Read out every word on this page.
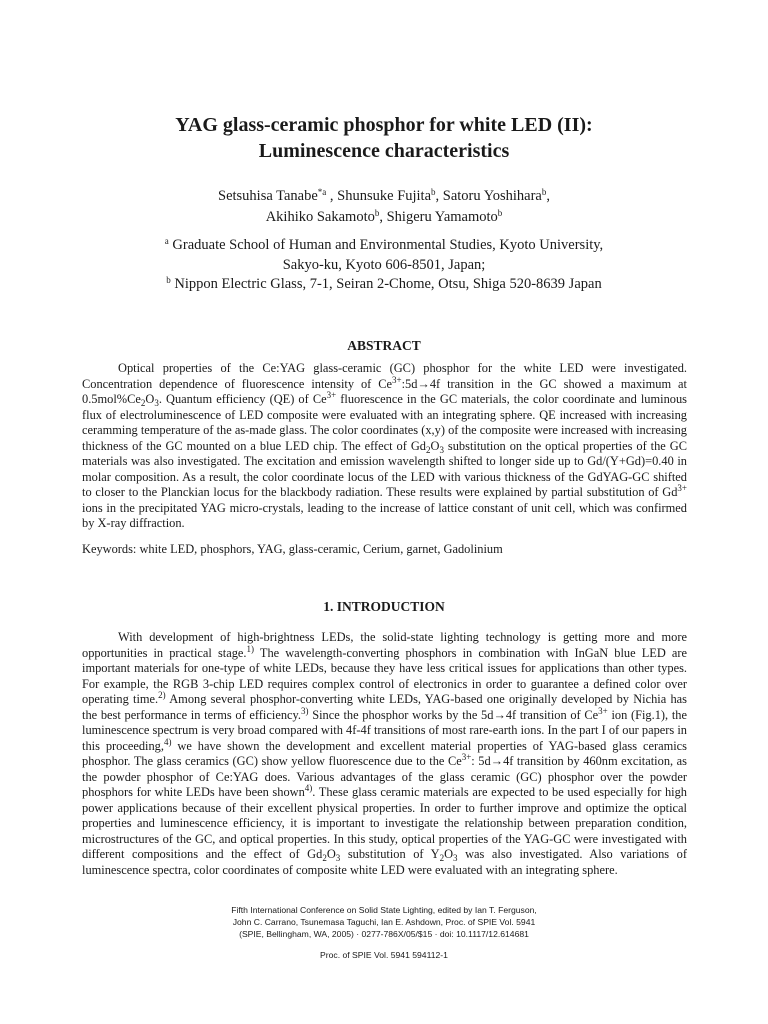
YAG glass-ceramic phosphor for white LED (II):
Luminescence characteristics
Setsuhisa Tanabe$^{*a}$ , Shunsuke Fujita$^b$, Satoru Yoshihara$^b$,
Akihiko Sakamoto$^b$, Shigeru Yamamoto$^b$
$^a$ Graduate School of Human and Environmental Studies, Kyoto University,
Sakyo-ku, Kyoto 606-8501, Japan;
$^b$ Nippon Electric Glass, 7-1, Seiran 2-Chome, Otsu, Shiga 520-8639 Japan
ABSTRACT
Optical properties of the Ce:YAG glass-ceramic (GC) phosphor for the white LED were investigated. Concentration dependence of fluorescence intensity of $Ce^{3+}:5d\to 4f$ transition in the GC showed a maximum at $0.5mol\%Ce_2O_3$. Quantum efficiency (QE) of $Ce^{3+}$ fluorescence in the GC materials, the color coordinate and luminous flux of electroluminescence of LED composite were evaluated with an integrating sphere. QE increased with increasing ceramming temperature of the as-made glass. The color coordinates (x,y) of the composite were increased with increasing thickness of the GC mounted on a blue LED chip. The effect of $Gd_2O_3$ substitution on the optical properties of the GC materials was also investigated. The excitation and emission wavelength shifted to longer side up to Gd/(Y+Gd)=0.40 in molar composition. As a result, the color coordinate locus of the LED with various thickness of the GdYAG-GC shifted to closer to the Planckian locus for the blackbody radiation. These results were explained by partial substitution of $Gd^{3+}$ ions in the precipitated YAG micro-crystals, leading to the increase of lattice constant of unit cell, which was confirmed by X-ray diffraction.
Keywords: white LED, phosphors, YAG, glass-ceramic, Cerium, garnet, Gadolinium
1. INTRODUCTION
With development of high-brightness LEDs, the solid-state lighting technology is getting more and more opportunities in practical stage.$^{1)}$ The wavelength-converting phosphors in combination with InGaN blue LED are important materials for one-type of white LEDs, because they have less critical issues for applications than other types. For example, the RGB 3-chip LED requires complex control of electronics in order to guarantee a defined color over operating time.$^{2)}$ Among several phosphor-converting white LEDs, YAG-based one originally developed by Nichia has the best performance in terms of efficiency.$^{3)}$ Since the phosphor works by the 5d→4f transition of $Ce^{3+}$ ion (Fig.1), the luminescence spectrum is very broad compared with 4f-4f transitions of most rare-earth ions. In the part I of our papers in this proceeding,$^{4)}$ we have shown the development and excellent material properties of YAG-based glass ceramics phosphor. The glass ceramics (GC) show yellow fluorescence due to the $Ce^{3+}$: 5d→4f transition by 460nm excitation, as the powder phosphor of Ce:YAG does. Various advantages of the glass ceramic (GC) phosphor over the powder phosphors for white LEDs have been shown$^{4)}$. These glass ceramic materials are expected to be used especially for high power applications because of their excellent physical properties. In order to further improve and optimize the optical properties and luminescence efficiency, it is important to investigate the relationship between preparation condition, microstructures of the GC, and optical properties. In this study, optical properties of the YAG-GC were investigated with different compositions and the effect of $Gd_2O_3$ substitution of $Y_2O_3$ was also investigated. Also variations of luminescence spectra, color coordinates of composite white LED were evaluated with an integrating sphere.
Fifth International Conference on Solid State Lighting, edited by Ian T. Ferguson,
John C. Carrano, Tsunemasa Taguchi, Ian E. Ashdown, Proc. of SPIE Vol. 5941
(SPIE, Bellingham, WA, 2005) · 0277-786X/05/$15 · doi: 10.1117/12.614681
Proc. of SPIE Vol. 5941 594112-1
